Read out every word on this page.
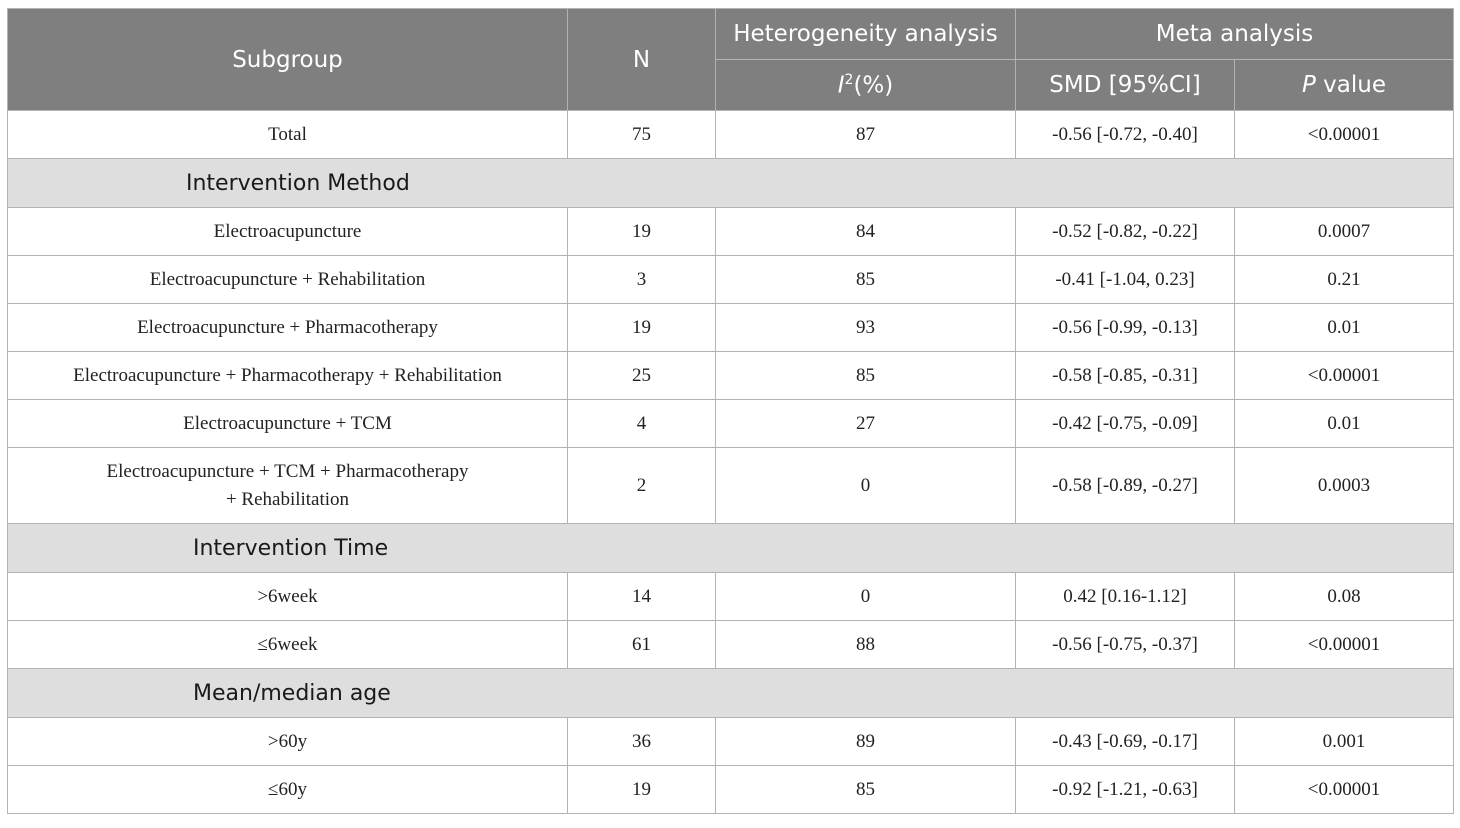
Subgroup	N	Heterogeneity analysis	Meta analysis	
		$I^2(\%)$	SMD [95%CI]	P value
Total	75	87	-0.56 [-0.72, -0.40]	<0.00001
Intervention Method				
Electroacupuncture	19	84	-0.52 [-0.82, -0.22]	0.0007
Electroacupuncture + Rehabilitation	3	85	-0.41 [-1.04, 0.23]	0.21
Electroacupuncture + Pharmacotherapy	19	93	-0.56 [-0.99, -0.13]	0.01
Electroacupuncture + Pharmacotherapy + Rehabilitation	25	85	-0.58 [-0.85, -0.31]	<0.00001
Electroacupuncture + TCM	4	27	-0.42 [-0.75, -0.09]	0.01
Electroacupuncture + TCM + Pharmacotherapy
+ Rehabilitation	2	0	-0.58 [-0.89, -0.27]	0.0003
Intervention Time				
>6week	14	0	0.42 [0.16-1.12]	0.08
≤6week	61	88	-0.56 [-0.75, -0.37]	<0.00001
Mean/median age				
>60y	36	89	-0.43 [-0.69, -0.17]	0.001
≤60y	19	85	-0.92 [-1.21, -0.63]	<0.00001
